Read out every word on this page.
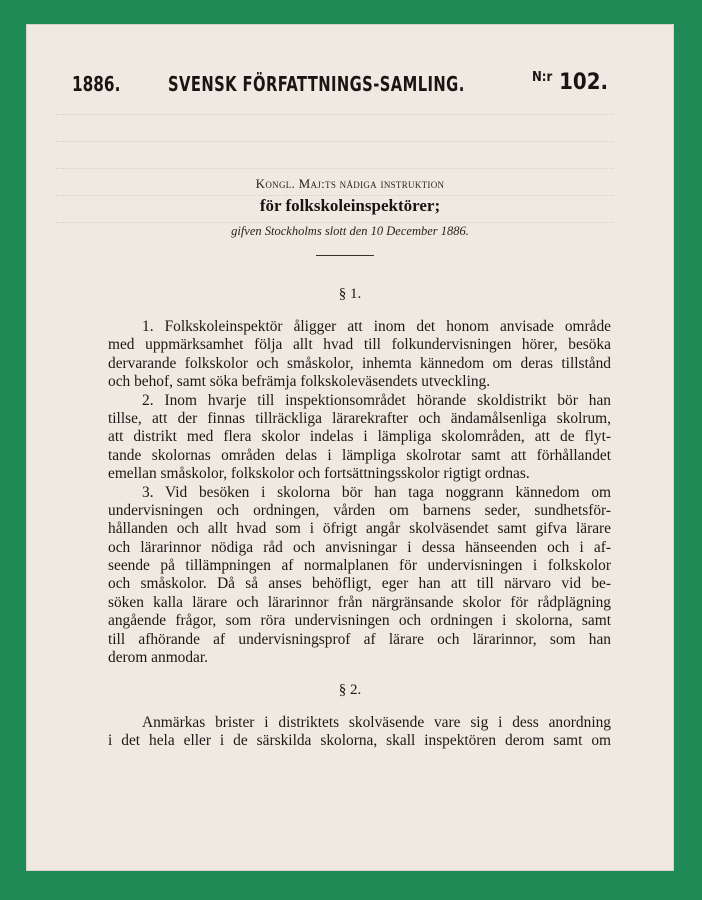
1886. SVENSK FÖRFATTNINGS-SAMLING.	$^{N:r}$ 102.
Kongl. Maj:ts nådiga instruktion
för folkskoleinspektörer;
gifven Stockholms slott den 10 December 1886.
§ 1.
1. Folkskoleinspektör åligger att inom det honom anvisade område
med uppmärksamhet följa allt hvad till folkundervisningen hörer, besöka
dervarande folkskolor och småskolor, inhemta kännedom om deras tillstånd
och behof, samt söka befrämja folkskoleväsendets utveckling.
2. Inom hvarje till inspektionsområdet hörande skoldistrikt bör han
tillse, att der finnas tillräckliga lärarekrafter och ändamålsenliga skolrum,
att distrikt med flera skolor indelas i lämpliga skolområden, att de flyt-
tande skolornas områden delas i lämpliga skolrotar samt att förhållandet
emellan småskolor, folkskolor och fortsättningsskolor rigtigt ordnas.
3. Vid besöken i skolorna bör han taga noggrann kännedom om
undervisningen och ordningen, vården om barnens seder, sundhetsför-
hållanden och allt hvad som i öfrigt angår skolväsendet samt gifva lärare
och lärarinnor nödiga råd och anvisningar i dessa hänseenden och i af-
seende på tillämpningen af normalplanen för undervisningen i folkskolor
och småskolor. Då så anses behöfligt, eger han att till närvaro vid be-
söken kalla lärare och lärarinnor från närgränsande skolor för rådplägning
angående frågor, som röra undervisningen och ordningen i skolorna, samt
till afhörande af undervisningsprof af lärare och lärarinnor, som han
derom anmodar.
§ 2.
Anmärkas brister i distriktets skolväsende vare sig i dess anordning
i det hela eller i de särskilda skolorna, skall inspektören derom samt om
